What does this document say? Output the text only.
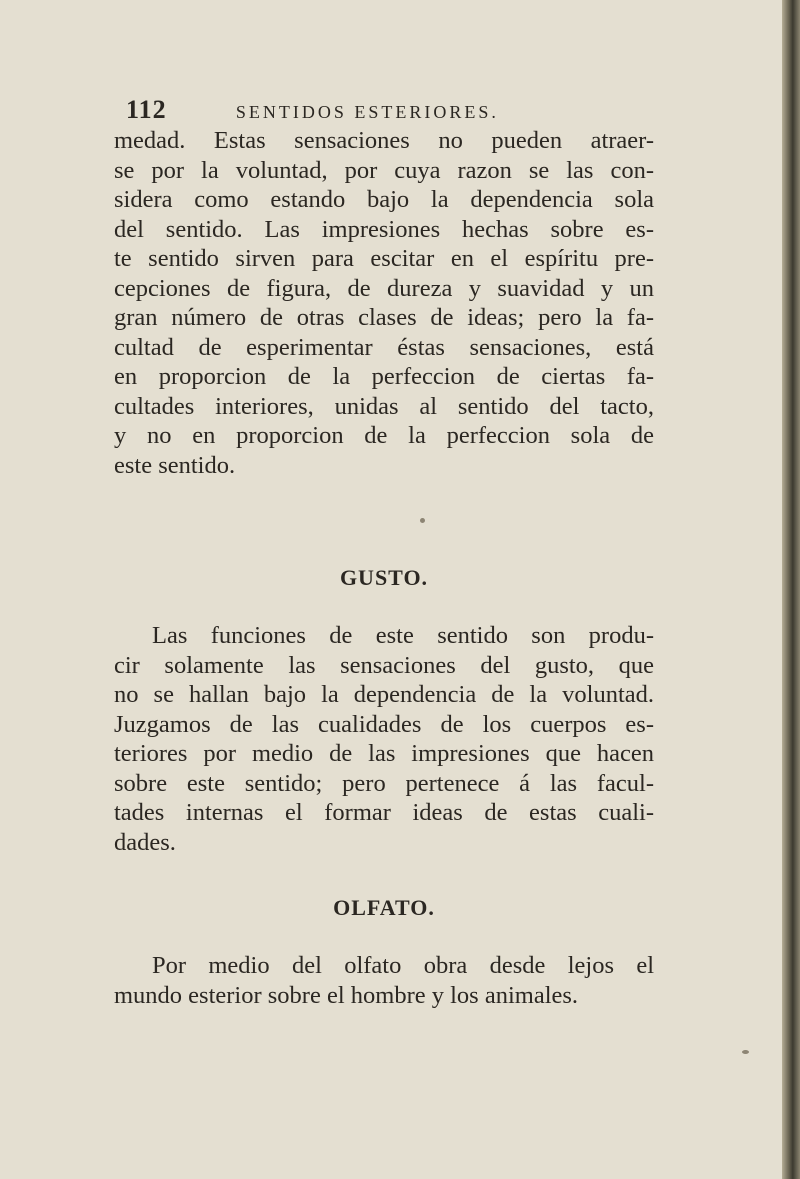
112	SENTIDOS ESTERIORES.

medad. Estas sensaciones no pueden atraer-
se por la voluntad, por cuya razon se las con-
sidera como estando bajo la dependencia sola
del sentido. Las impresiones hechas sobre es-
te sentido sirven para escitar en el espíritu pre-
cepciones de figura, de dureza y suavidad y un
gran número de otras clases de ideas; pero la fa-
cultad de esperimentar éstas sensaciones, está
en proporcion de la perfeccion de ciertas fa-
cultades interiores, unidas al sentido del tacto,
y no en proporcion de la perfeccion sola de
este sentido.

GUSTO.

Las funciones de este sentido son produ-
cir solamente las sensaciones del gusto, que
no se hallan bajo la dependencia de la voluntad.
Juzgamos de las cualidades de los cuerpos es-
teriores por medio de las impresiones que hacen
sobre este sentido; pero pertenece á las facul-
tades internas el formar ideas de estas cuali-
dades.

OLFATO.

Por medio del olfato obra desde lejos el
mundo esterior sobre el hombre y los animales.
